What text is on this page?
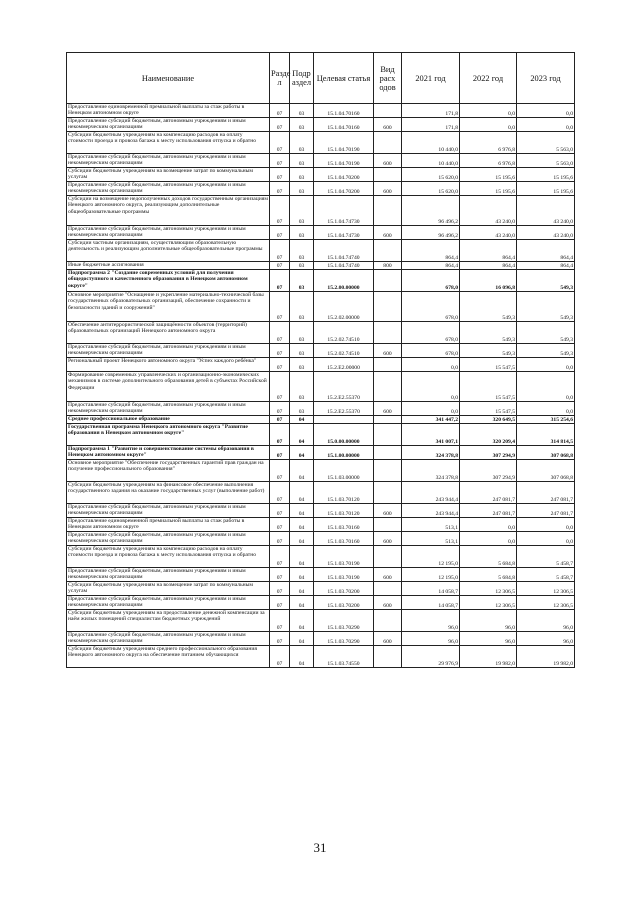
Наименование	Разде л	Подр аздел	Целевая статья	Вид расх одов	2021 год	2022 год	2023 год
Предоставление единовременной премиальной выплаты за стаж работы в Ненецком автономном округе	07	03	15.1.04.70160		171,8	0,0	0,0
Предоставление субсидий бюджетным, автономным учреждениям и иным некоммерческим организациям	07	03	15.1.04.70160	600	171,8	0,0	0,0
Субсидии бюджетным учреждениям на компенсацию расходов на оплату стоимости проезда и провоза багажа к месту использования отпуска и обратно	07	03	15.1.04.70190		10 440,0	6 976,8	5 563,0
Предоставление субсидий бюджетным, автономным учреждениям и иным некоммерческим организациям	07	03	15.1.04.70190	600	10 440,0	6 976,8	5 563,0
Субсидии бюджетным учреждениям на возмещение затрат по коммунальным услугам	07	03	15.1.04.70200		15 620,0	15 195,6	15 195,6
Предоставление субсидий бюджетным, автономным учреждениям и иным некоммерческим организациям	07	03	15.1.04.70200	600	15 620,0	15 195,6	15 195,6
Субсидии на возмещение недополученных доходов государственным организациям Ненецкого автономного округа, реализующим дополнительные общеобразовательные программы	07	03	15.1.04.74730		96 496,2	43 240,0	43 240,0
Предоставление субсидий бюджетным, автономным учреждениям и иным некоммерческим организациям	07	03	15.1.04.74730	600	96 496,2	43 240,0	43 240,0
Субсидии частным организациям, осуществляющим образовательную деятельность и реализующим дополнительные общеобразовательные программы	07	03	15.1.04.74740		864,4	864,4	864,4
Иные бюджетные ассигнования	07	03	15.1.04.74740	800	864,4	864,4	864,4
Подпрограмма 2 "Создание современных условий для получения общедоступного и качественного образования в Ненецком автономном округе"	07	03	15.2.00.00000		678,0	16 096,8	549,3
Основное мероприятие "Оснащение и укрепление материально-технической базы государственных образовательных организаций, обеспечение сохранности и безопасности зданий и сооружений"	07	03	15.2.02.00000		678,0	549,3	549,3
Обеспечение антитеррористической защищённости объектов (территорий) образовательных организаций Ненецкого автономного округа	07	03	15.2.02.74510		678,0	549,3	549,3
Предоставление субсидий бюджетным, автономным учреждениям и иным некоммерческим организациям	07	03	15.2.02.74510	600	678,0	549,3	549,3
Региональный проект Ненецкого автономного округа "Успех каждого ребёнка"	07	03	15.2.E2.00000		0,0	15 547,5	0,0
Формирование современных управленческих и организационно-экономических механизмов в системе дополнительного образования детей в субъектах Российской Федерации	07	03	15.2.E2.55370		0,0	15 547,5	0,0
Предоставление субсидий бюджетным, автономным учреждениям и иным некоммерческим организациям	07	03	15.2.E2.55370	600	0,0	15 547,5	0,0
Среднее профессиональное образование	07	04			341 447,2	320 649,5	315 254,6
Государственная программа Ненецкого автономного округа "Развитие образования в Ненецком автономном округе"	07	04	15.0.00.00000		341 007,1	320 209,4	314 814,5
Подпрограмма 1 "Развитие и совершенствование системы образования в Ненецком автономном округе"	07	04	15.1.00.00000		324 378,8	307 294,9	307 068,8
Основное мероприятие "Обеспечение государственных гарантий прав граждан на получение профессионального образования"	07	04	15.1.03.00000		324 378,8	307 294,9	307 068,8
Субсидии бюджетным учреждениям на финансовое обеспечение выполнения государственного задания на оказание государственных услуг (выполнение работ)	07	04	15.1.03.70120		243 944,4	247 081,7	247 081,7
Предоставление субсидий бюджетным, автономным учреждениям и иным некоммерческим организациям	07	04	15.1.03.70120	600	243 944,4	247 081,7	247 081,7
Предоставление единовременной премиальной выплаты за стаж работы в Ненецком автономном округе	07	04	15.1.03.70160		513,1	0,0	0,0
Предоставление субсидий бюджетным, автономным учреждениям и иным некоммерческим организациям	07	04	15.1.03.70160	600	513,1	0,0	0,0
Субсидии бюджетным учреждениям на компенсацию расходов на оплату стоимости проезда и провоза багажа к месту использования отпуска и обратно	07	04	15.1.03.70190		12 195,0	5 684,8	5 458,7
Предоставление субсидий бюджетным, автономным учреждениям и иным некоммерческим организациям	07	04	15.1.03.70190	600	12 195,0	5 684,8	5 458,7
Субсидии бюджетным учреждениям на возмещение затрат по коммунальным услугам	07	04	15.1.03.70200		14 058,7	12 306,5	12 306,5
Предоставление субсидий бюджетным, автономным учреждениям и иным некоммерческим организациям	07	04	15.1.03.70200	600	14 058,7	12 306,5	12 306,5
Субсидии бюджетным учреждениям на предоставление денежной компенсации за наём жилых помещений специалистам бюджетных учреждений	07	04	15.1.03.70290		96,0	96,0	96,0
Предоставление субсидий бюджетным, автономным учреждениям и иным некоммерческим организациям	07	04	15.1.03.70290	600	96,0	96,0	96,0
Субсидии бюджетным учреждениям среднего профессионального образования Ненецкого автономного округа на обеспечение питанием обучающихся	07	04	15.1.03.74550		29 976,9	19 982,0	19 982,0
31
